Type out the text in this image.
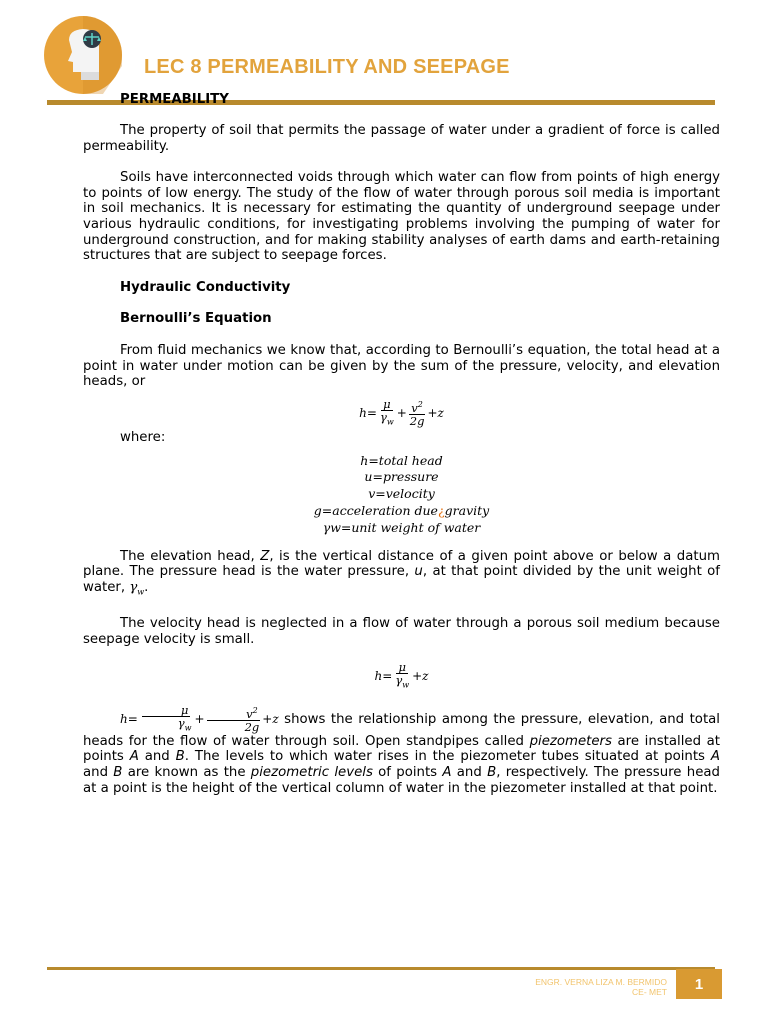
LEC 8 PERMEABILITY AND SEEPAGE
PERMEABILITY

The property of soil that permits the passage of water under a gradient of force is called permeability.

Soils have interconnected voids through which water can flow from points of high energy to points of low energy. The study of the flow of water through porous soil media is important in soil mechanics. It is necessary for estimating the quantity of underground seepage under various hydraulic conditions, for investigating problems involving the pumping of water for underground construction, and for making stability analyses of earth dams and earth-retaining structures that are subject to seepage forces.

Hydraulic Conductivity

Bernoulli’s Equation

From fluid mechanics we know that, according to Bernoulli’s equation, the total head at a point in water under motion can be given by the sum of the pressure, velocity, and elevation heads, or

$h= \frac{\mu}{\gamma_w} + \frac{v^2}{2g} +z$

where:

h=total head
u=pressure
v=velocity
g=acceleration due¿gravity
γw=unit weight of water

The elevation head, Z, is the vertical distance of a given point above or below a datum plane. The pressure head is the water pressure, u, at that point divided by the unit weight of water, $\gamma_w$.

The velocity head is neglected in a flow of water through a porous soil medium because seepage velocity is small.

$h= \frac{\mu}{\gamma_w} +z$

$h= \frac{\mu}{\gamma_w} + \frac{v^2}{2g} +z$ shows the relationship among the pressure, elevation, and total heads for the flow of water through soil. Open standpipes called piezometers are installed at points A and B. The levels to which water rises in the piezometer tubes situated at points A and B are known as the piezometric levels of points A and B, respectively. The pressure head at a point is the height of the vertical column of water in the piezometer installed at that point.

ENGR. VERNA LIZA M. BERMIDO
CE- MET	1
